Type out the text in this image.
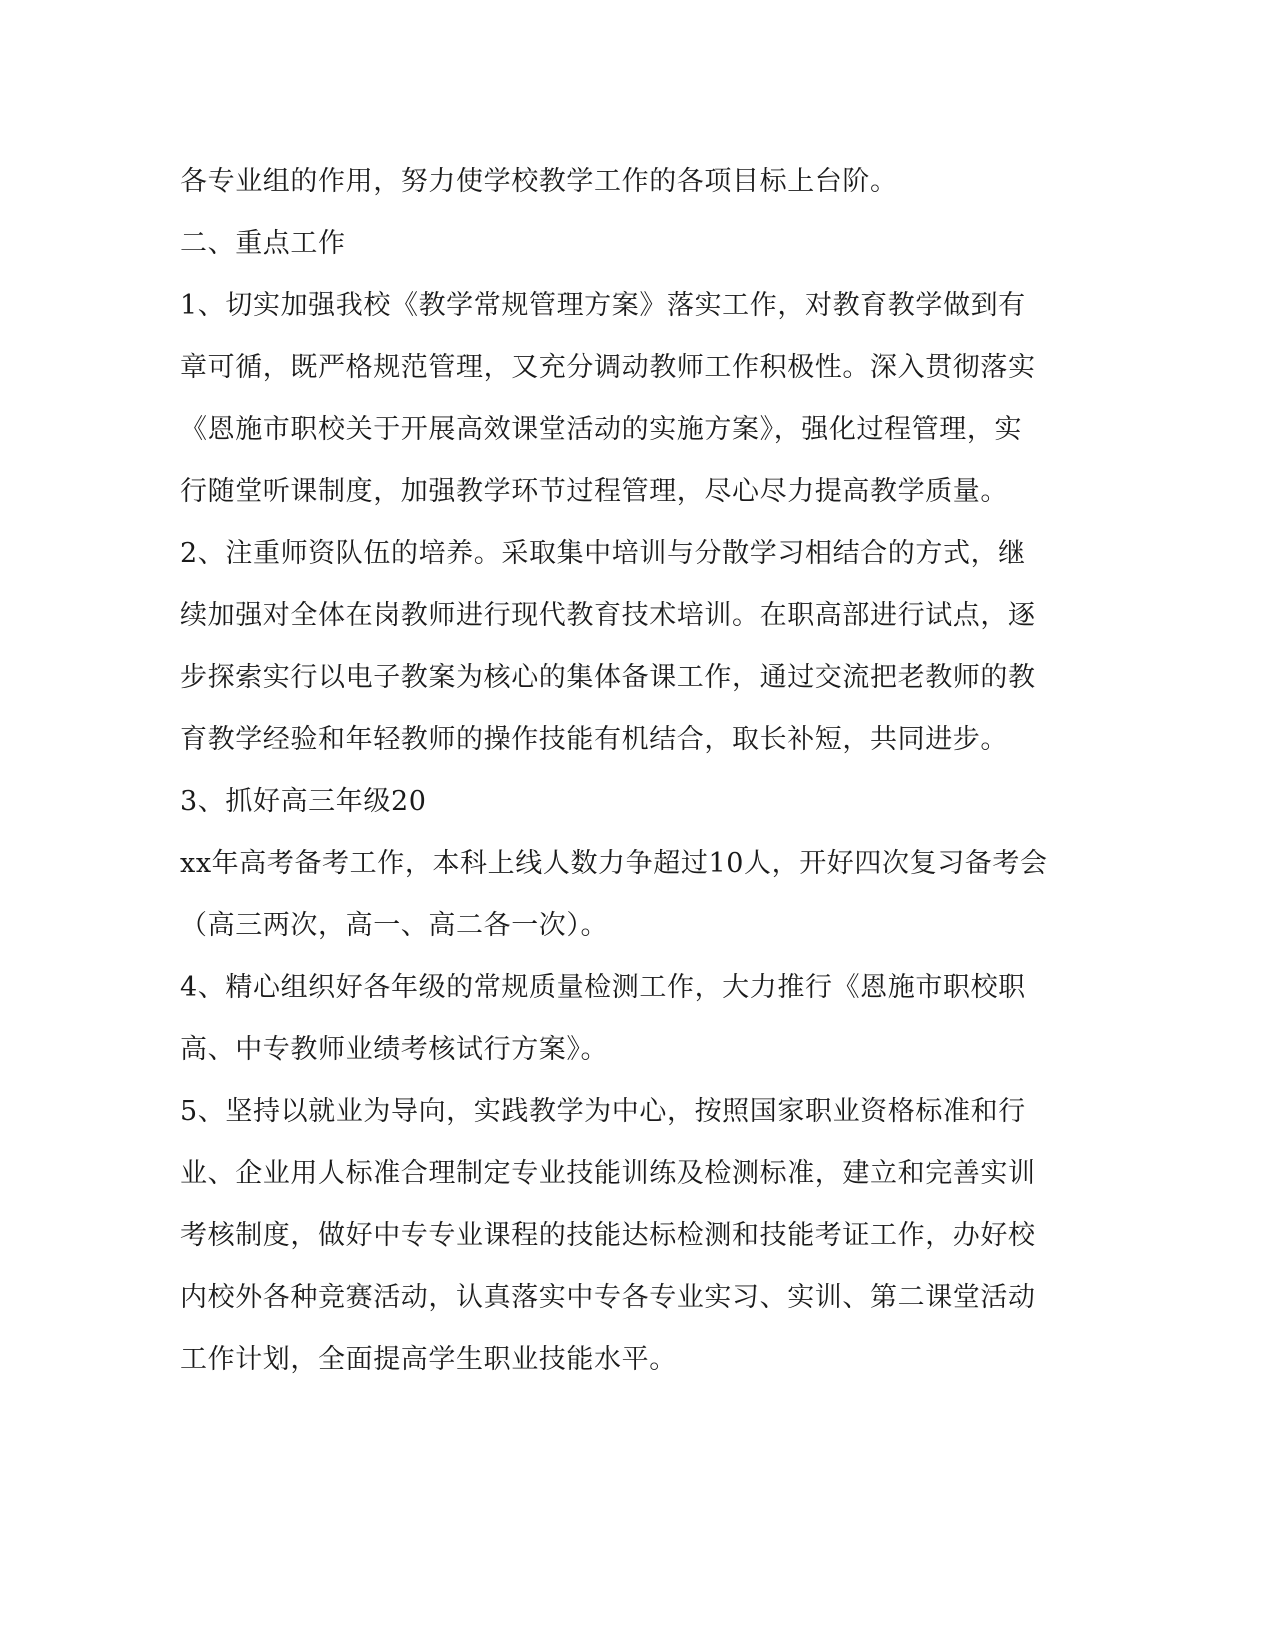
各专业组的作用，努力使学校教学工作的各项目标上台阶。
二、重点工作
1、切实加强我校《教学常规管理方案》落实工作，对教育教学做到有
章可循，既严格规范管理，又充分调动教师工作积极性。深入贯彻落实
《恩施市职校关于开展高效课堂活动的实施方案》，强化过程管理，实
行随堂听课制度，加强教学环节过程管理，尽心尽力提高教学质量。
2、注重师资队伍的培养。采取集中培训与分散学习相结合的方式，继
续加强对全体在岗教师进行现代教育技术培训。在职高部进行试点，逐
步探索实行以电子教案为核心的集体备课工作，通过交流把老教师的教
育教学经验和年轻教师的操作技能有机结合，取长补短，共同进步。
3、抓好高三年级20
xx年高考备考工作，本科上线人数力争超过10人，开好四次复习备考会
（高三两次，高一、高二各一次）。
4、精心组织好各年级的常规质量检测工作，大力推行《恩施市职校职
高、中专教师业绩考核试行方案》。
5、坚持以就业为导向，实践教学为中心，按照国家职业资格标准和行
业、企业用人标准合理制定专业技能训练及检测标准，建立和完善实训
考核制度，做好中专专业课程的技能达标检测和技能考证工作，办好校
内校外各种竞赛活动，认真落实中专各专业实习、实训、第二课堂活动
工作计划，全面提高学生职业技能水平。
